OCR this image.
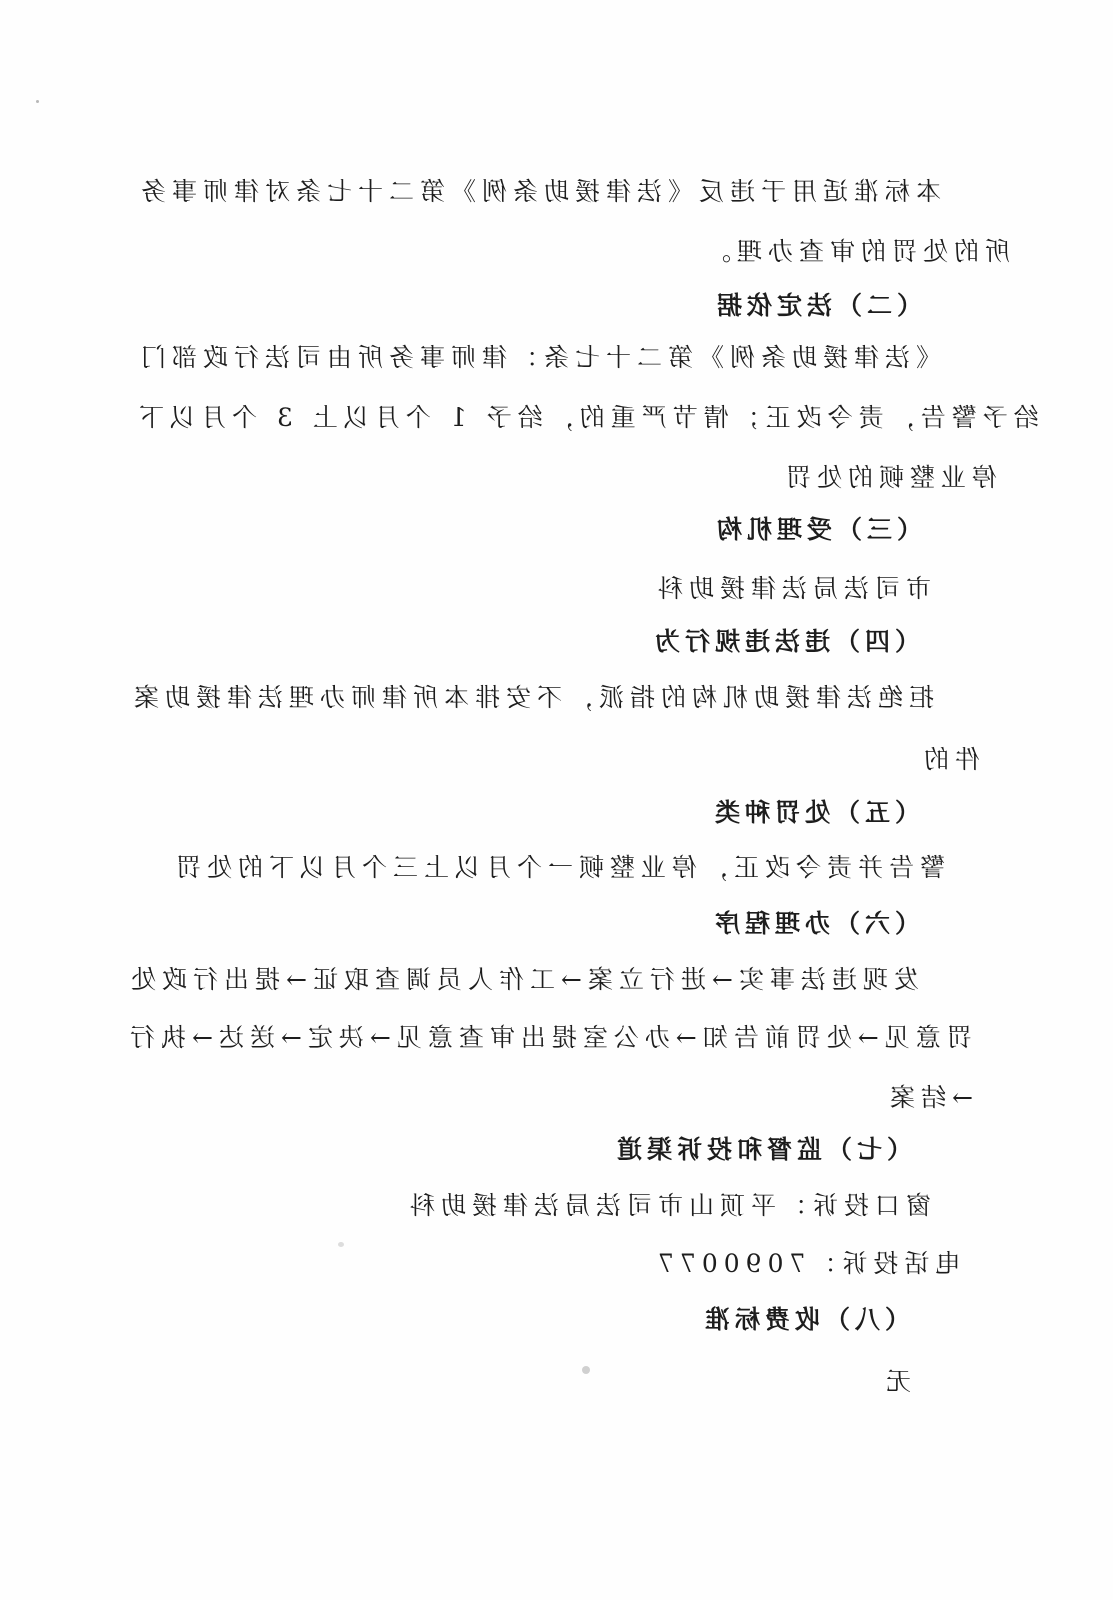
本标准适用于违反《法律援助条例》第二十七条对律师事务
所的处罚的审查办理。
（二）法定依据
《法律援助条例》第二十七条：律师事务所由司法行政部门
给予警告，责令改正；情节严重的，给予 1 个月以上 3 个月以下
停业整顿的处罚
（三）受理机构
市司法局法律援助科
（四）违法违规行为
拒绝法律援助机构的指派，不安排本所律师办理法律援助案
件的
（五）处罚种类
警告并责令改正，停业整顿一个月以上三个月以下的处罚
（六）办理程序
发现违法事实→进行立案→工作人员调查取证→提出行政处
罚意见→处罚前告知→办公室提出审查意见→决定→送达→执行
→结案
（七）监督和投诉渠道
窗口投诉：平顶山市司法局法律援助科
电话投诉：7090077
（八）收费标准
无
